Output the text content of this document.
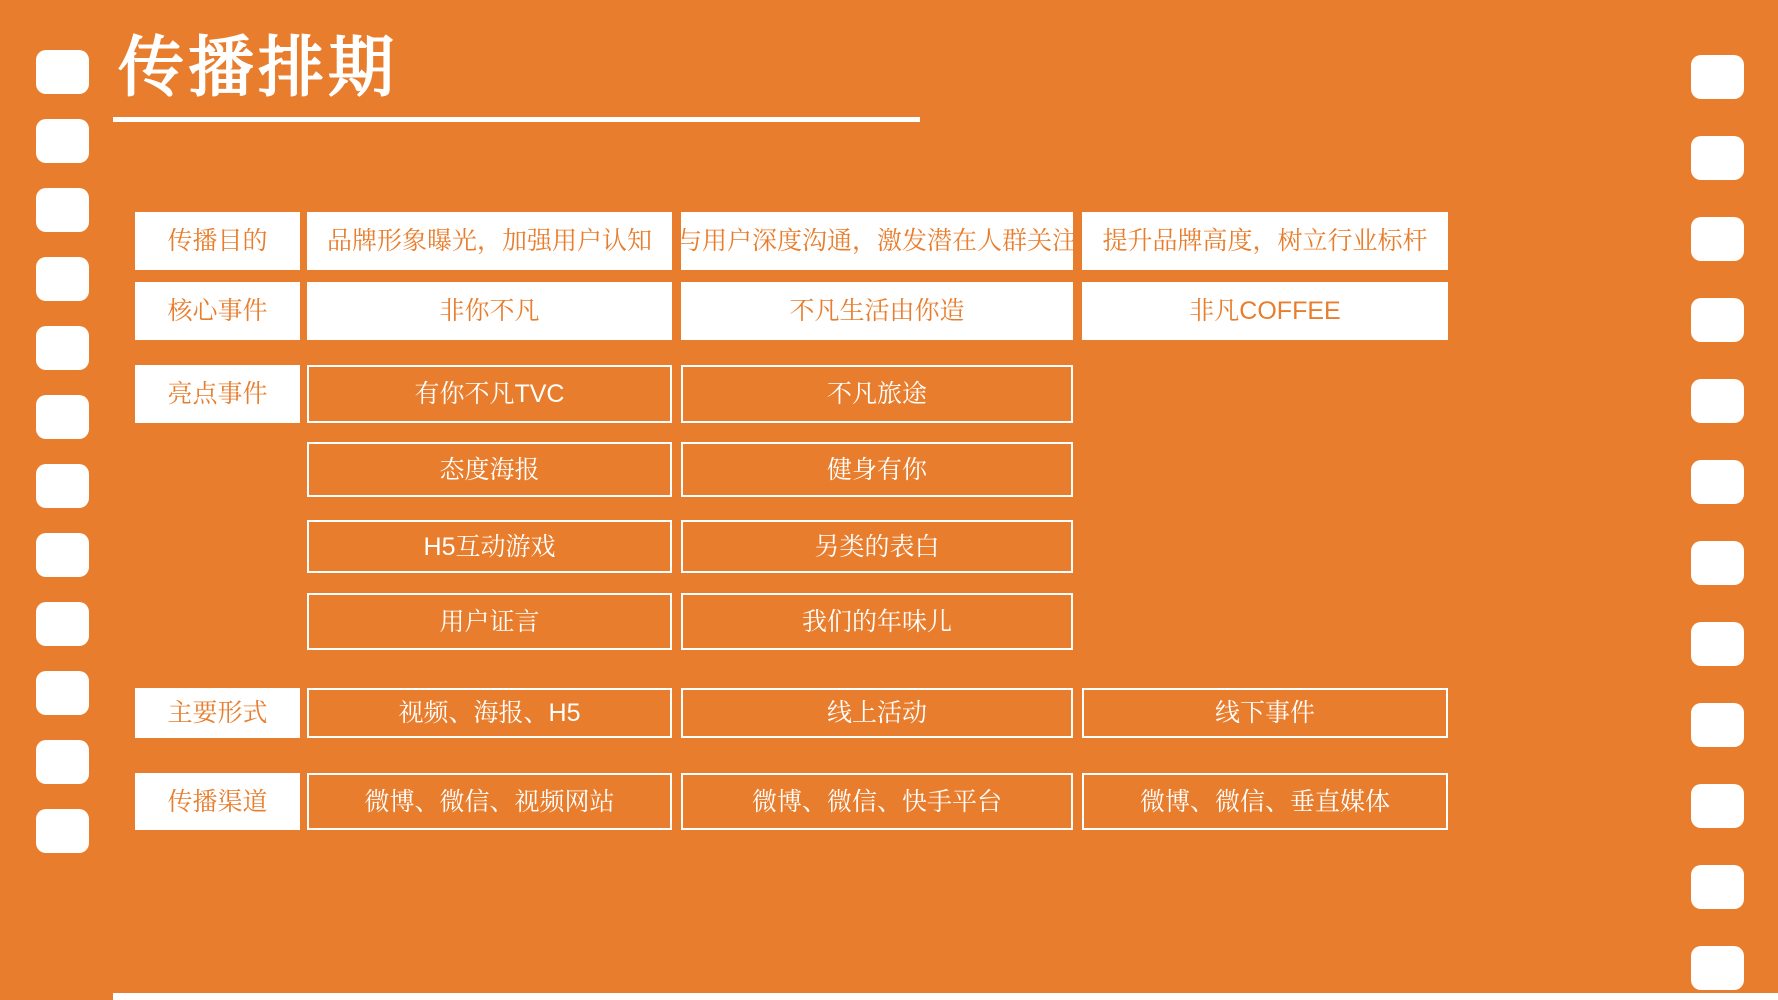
传播排期
传播目的	品牌形象曝光，加强用户认知	与用户深度沟通，激发潜在人群关注	提升品牌高度，树立行业标杆
核心事件	非你不凡	不凡生活由你造	非凡COFFEE
亮点事件	有你不凡TVC	不凡旅途
态度海报	健身有你
H5互动游戏	另类的表白
用户证言	我们的年味儿
主要形式	视频、海报、H5	线上活动	线下事件
传播渠道	微博、微信、视频网站	微博、微信、快手平台	微博、微信、垂直媒体
